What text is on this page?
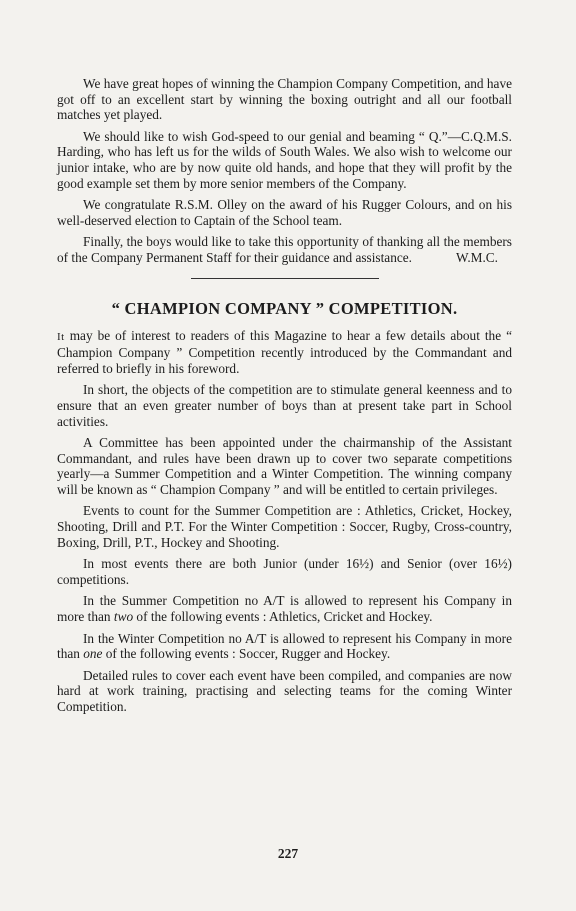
We have great hopes of winning the Champion Company Competition, and have got off to an excellent start by winning the boxing outright and all our football matches yet played.

We should like to wish God-speed to our genial and beaming “ Q.”—C.Q.M.S. Harding, who has left us for the wilds of South Wales. We also wish to welcome our junior intake, who are by now quite old hands, and hope that they will profit by the good example set them by more senior members of the Company.

We congratulate R.S.M. Olley on the award of his Rugger Colours, and on his well-deserved election to Captain of the School team.

Finally, the boys would like to take this opportunity of thanking all the members of the Company Permanent Staff for their guidance and assistance.	W.M.C.

“ CHAMPION COMPANY ” COMPETITION.

It may be of interest to readers of this Magazine to hear a few details about the “ Champion Company ” Competition recently introduced by the Commandant and referred to briefly in his foreword.

In short, the objects of the competition are to stimulate general keenness and to ensure that an even greater number of boys than at present take part in School activities.

A Committee has been appointed under the chairmanship of the Assistant Commandant, and rules have been drawn up to cover two separate competitions yearly—a Summer Competition and a Winter Competition. The winning company will be known as “ Champion Company ” and will be entitled to certain privileges.

Events to count for the Summer Competition are : Athletics, Cricket, Hockey, Shooting, Drill and P.T. For the Winter Competition : Soccer, Rugby, Cross-country, Boxing, Drill, P.T., Hockey and Shooting.

In most events there are both Junior (under 16½) and Senior (over 16½) competitions.

In the Summer Competition no A/T is allowed to represent his Company in more than two of the following events : Athletics, Cricket and Hockey.

In the Winter Competition no A/T is allowed to represent his Company in more than one of the following events : Soccer, Rugger and Hockey.

Detailed rules to cover each event have been compiled, and companies are now hard at work training, practising and selecting teams for the coming Winter Competition.

227
